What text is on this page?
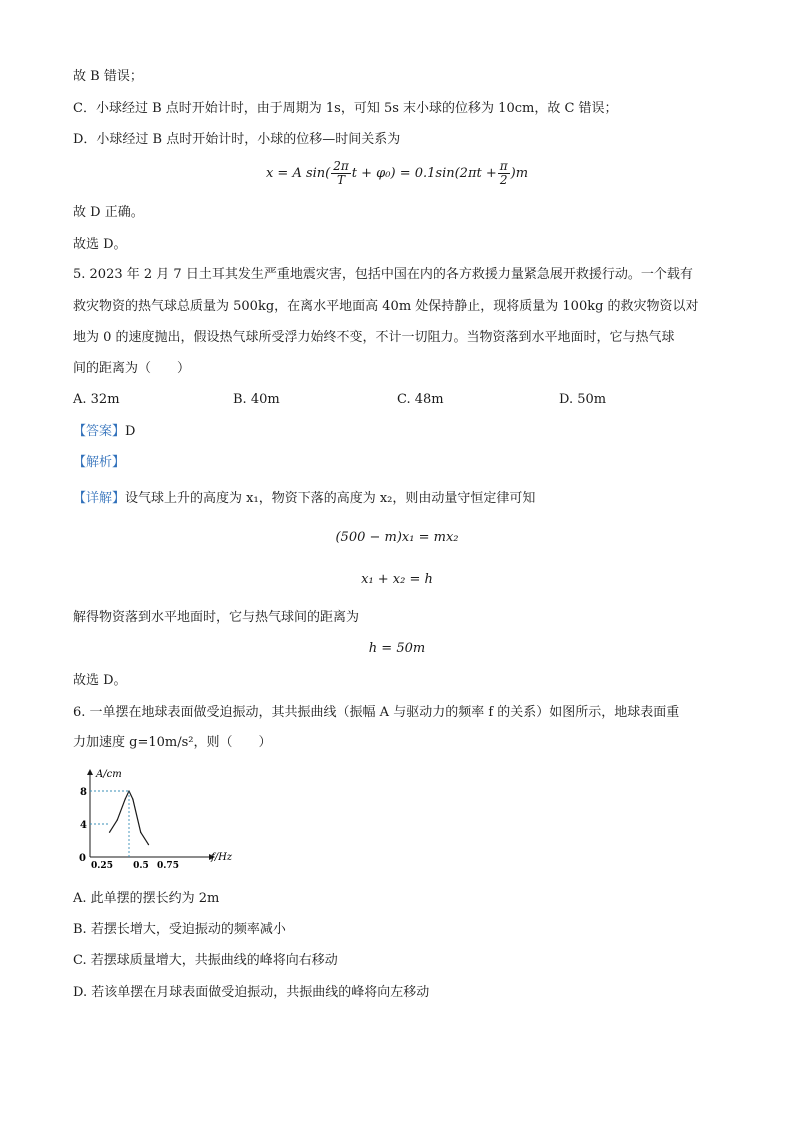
故 B 错误；
C．小球经过 B 点时开始计时，由于周期为 1s，可知 5s 末小球的位移为 10cm，故 C 错误；
D．小球经过 B 点时开始计时，小球的位移—时间关系为
x = A $\sin( \frac{2\pi}{T}$ $t + \varphi_0) = 0.1\sin(2\pi t + \frac{\pi}{2} )m$
故 D 正确。
故选 D。
5. 2023 年 2 月 7 日土耳其发生严重地震灾害，包括中国在内的各方救援力量紧急展开救援行动。一个载有
救灾物资的热气球总质量为 500kg，在离水平地面高 40m 处保持静止，现将质量为 100kg 的救灾物资以对
地为 0 的速度抛出，假设热气球所受浮力始终不变，不计一切阻力。当物资落到水平地面时，它与热气球
间的距离为（　　）
A. 32m	B. 40m	C. 48m	D. 50m
【答案】D
【解析】
【详解】设气球上升的高度为 x₁，物资下落的高度为 x₂，则由动量守恒定律可知
(500 − m)x₁ = mx₂
x₁ + x₂ = h
解得物资落到水平地面时，它与热气球间的距离为
h = 50m
故选 D。
6. 一单摆在地球表面做受迫振动，其共振曲线（振幅 A 与驱动力的频率 f 的关系）如图所示，地球表面重
力加速度 g=10m/s²，则（　　）
A/cm
f/Hz
0
8
4
0.25 0.5 0.75
A. 此单摆的摆长约为 2m
B. 若摆长增大，受迫振动的频率减小
C. 若摆球质量增大，共振曲线的峰将向右移动
D. 若该单摆在月球表面做受迫振动，共振曲线的峰将向左移动
